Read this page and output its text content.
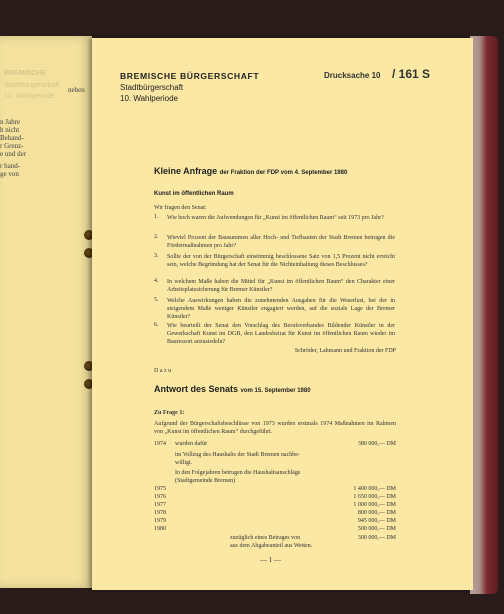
BREMISCHE
Stadtbürgerschaft
10. Wahlperiode
neben
n Jahre
h nicht
Behand-
r Grenz-
e und der
r hand-
ge von
BREMISCHE BÜRGERSCHAFT
Stadtbürgerschaft
10. Wahlperiode
Drucksache 10 / 161 S
Kleine Anfrage der Fraktion der FDP vom 4. September 1980
Kunst im öffentlichen Raum
Wir fragen den Senat:
1. Wie hoch waren die Aufwendungen für „Kunst im öffentlichen Raum“ seit 1973 pro Jahr?
2. Wieviel Prozent der Bausummen aller Hoch- und Tiefbauten der Stadt Bremen betrugen die Fördermaßnahmen pro Jahr?
3. Sollte der von der Bürgerschaft einstimmig beschlossene Satz von 1,5 Prozent nicht erreicht sein, welche Begründung hat der Senat für die Nichteinhaltung dieses Beschlusses?
4. In welchem Maße haben die Mittel für „Kunst im öffentlichen Raum“ den Charakter einer Arbeitsplatzsicherung für Bremer Künstler?
5. Welche Auswirkungen haben die zunehmenden Ausgaben für die Weserlust, bei der in steigendem Maße weniger Künstler engagiert werden, auf die soziale Lage der Bremer Künstler?
6. Wie beurteilt der Senat den Vorschlag des Berufsverbandes Bildender Künstler in der Gewerkschaft Kunst im DGB, den Landesbeirat für Kunst im öffentlichen Raum wieder im Bauressort anzusiedeln?
Schröder, Lahmann und Fraktion der FDP
D a z u
Antwort des Senats vom 15. September 1980
Zu Frage 1:
Aufgrund der Bürgerschaftsbeschlüsse von 1973 wurden erstmals 1974 Maßnahmen im Rahmen von „Kunst im öffentlichen Raum“ durchgeführt.
1974 wurden dafür	380 000,— DM
im Vollzug des Haushalts der Stadt Bremen nachbe-
willigt.
In den Folgejahren betrugen die Haushaltsanschläge
(Stadtgemeinde Bremen)
1975	1 400 000,— DM
1976	1 650 000,— DM
1977	1 000 000,— DM
1978	800 000,— DM
1979	945 000,— DM
1980	500 000,— DM
zuzüglich eines Betrages von	300 000,— DM
aus dem Abgabeanteil aus Wetten.
— 1 —
